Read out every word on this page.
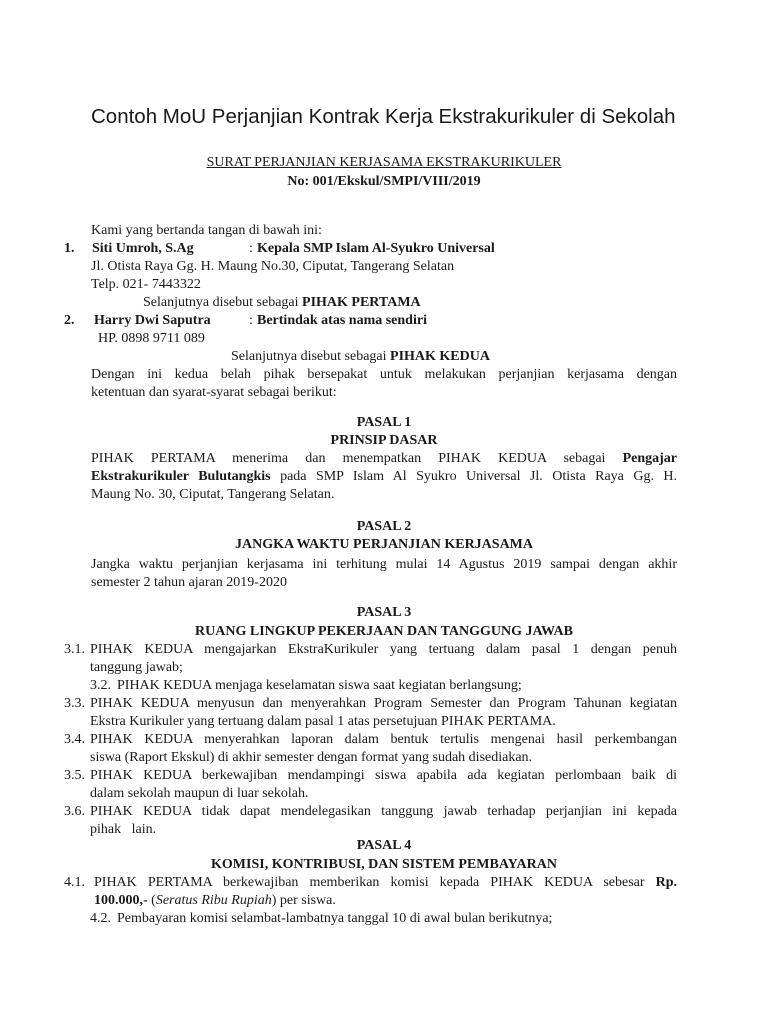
Contoh MoU Perjanjian Kontrak Kerja Ekstrakurikuler di Sekolah
SURAT PERJANJIAN KERJASAMA EKSTRAKURIKULER
No: 001/Ekskul/SMPI/VIII/2019
Kami yang bertanda tangan di bawah ini:
1. Siti Umroh, S.Ag	: Kepala SMP Islam Al-Syukro Universal
Jl. Otista Raya Gg. H. Maung No.30, Ciputat, Tangerang Selatan
Telp. 021- 7443322
Selanjutnya disebut sebagai PIHAK PERTAMA
2. Harry Dwi Saputra	: Bertindak atas nama sendiri
HP. 0898 9711 089
Selanjutnya disebut sebagai PIHAK KEDUA
Dengan ini kedua belah pihak bersepakat untuk melakukan perjanjian kerjasama dengan
ketentuan dan syarat-syarat sebagai berikut:
PASAL 1
PRINSIP DASAR
PIHAK PERTAMA menerima dan menempatkan PIHAK KEDUA sebagai Pengajar
Ekstrakurikuler Bulutangkis pada SMP Islam Al Syukro Universal Jl. Otista Raya Gg. H.
Maung No. 30, Ciputat, Tangerang Selatan.
PASAL 2
JANGKA WAKTU PERJANJIAN KERJASAMA
Jangka waktu perjanjian kerjasama ini terhitung mulai 14 Agustus 2019 sampai dengan akhir
semester 2 tahun ajaran 2019-2020
PASAL 3
RUANG LINGKUP PEKERJAAN DAN TANGGUNG JAWAB
3.1. PIHAK KEDUA mengajarkan EkstraKurikuler yang tertuang dalam pasal 1 dengan penuh
tanggung jawab;
3.2. PIHAK KEDUA menjaga keselamatan siswa saat kegiatan berlangsung;
3.3. PIHAK KEDUA menyusun dan menyerahkan Program Semester dan Program Tahunan kegiatan
Ekstra Kurikuler yang tertuang dalam pasal 1 atas persetujuan PIHAK PERTAMA.
3.4. PIHAK KEDUA menyerahkan laporan dalam bentuk tertulis mengenai hasil perkembangan
siswa (Raport Ekskul) di akhir semester dengan format yang sudah disediakan.
3.5. PIHAK KEDUA berkewajiban mendampingi siswa apabila ada kegiatan perlombaan baik di
dalam sekolah maupun di luar sekolah.
3.6. PIHAK KEDUA tidak dapat mendelegasikan tanggung jawab terhadap perjanjian ini kepada
pihak   lain.
PASAL 4
KOMISI, KONTRIBUSI, DAN SISTEM PEMBAYARAN
4.1. PIHAK PERTAMA berkewajiban memberikan komisi kepada PIHAK KEDUA sebesar Rp.
100.000,- (Seratus Ribu Rupiah) per siswa.
4.2. Pembayaran komisi selambat-lambatnya tanggal 10 di awal bulan berikutnya;
